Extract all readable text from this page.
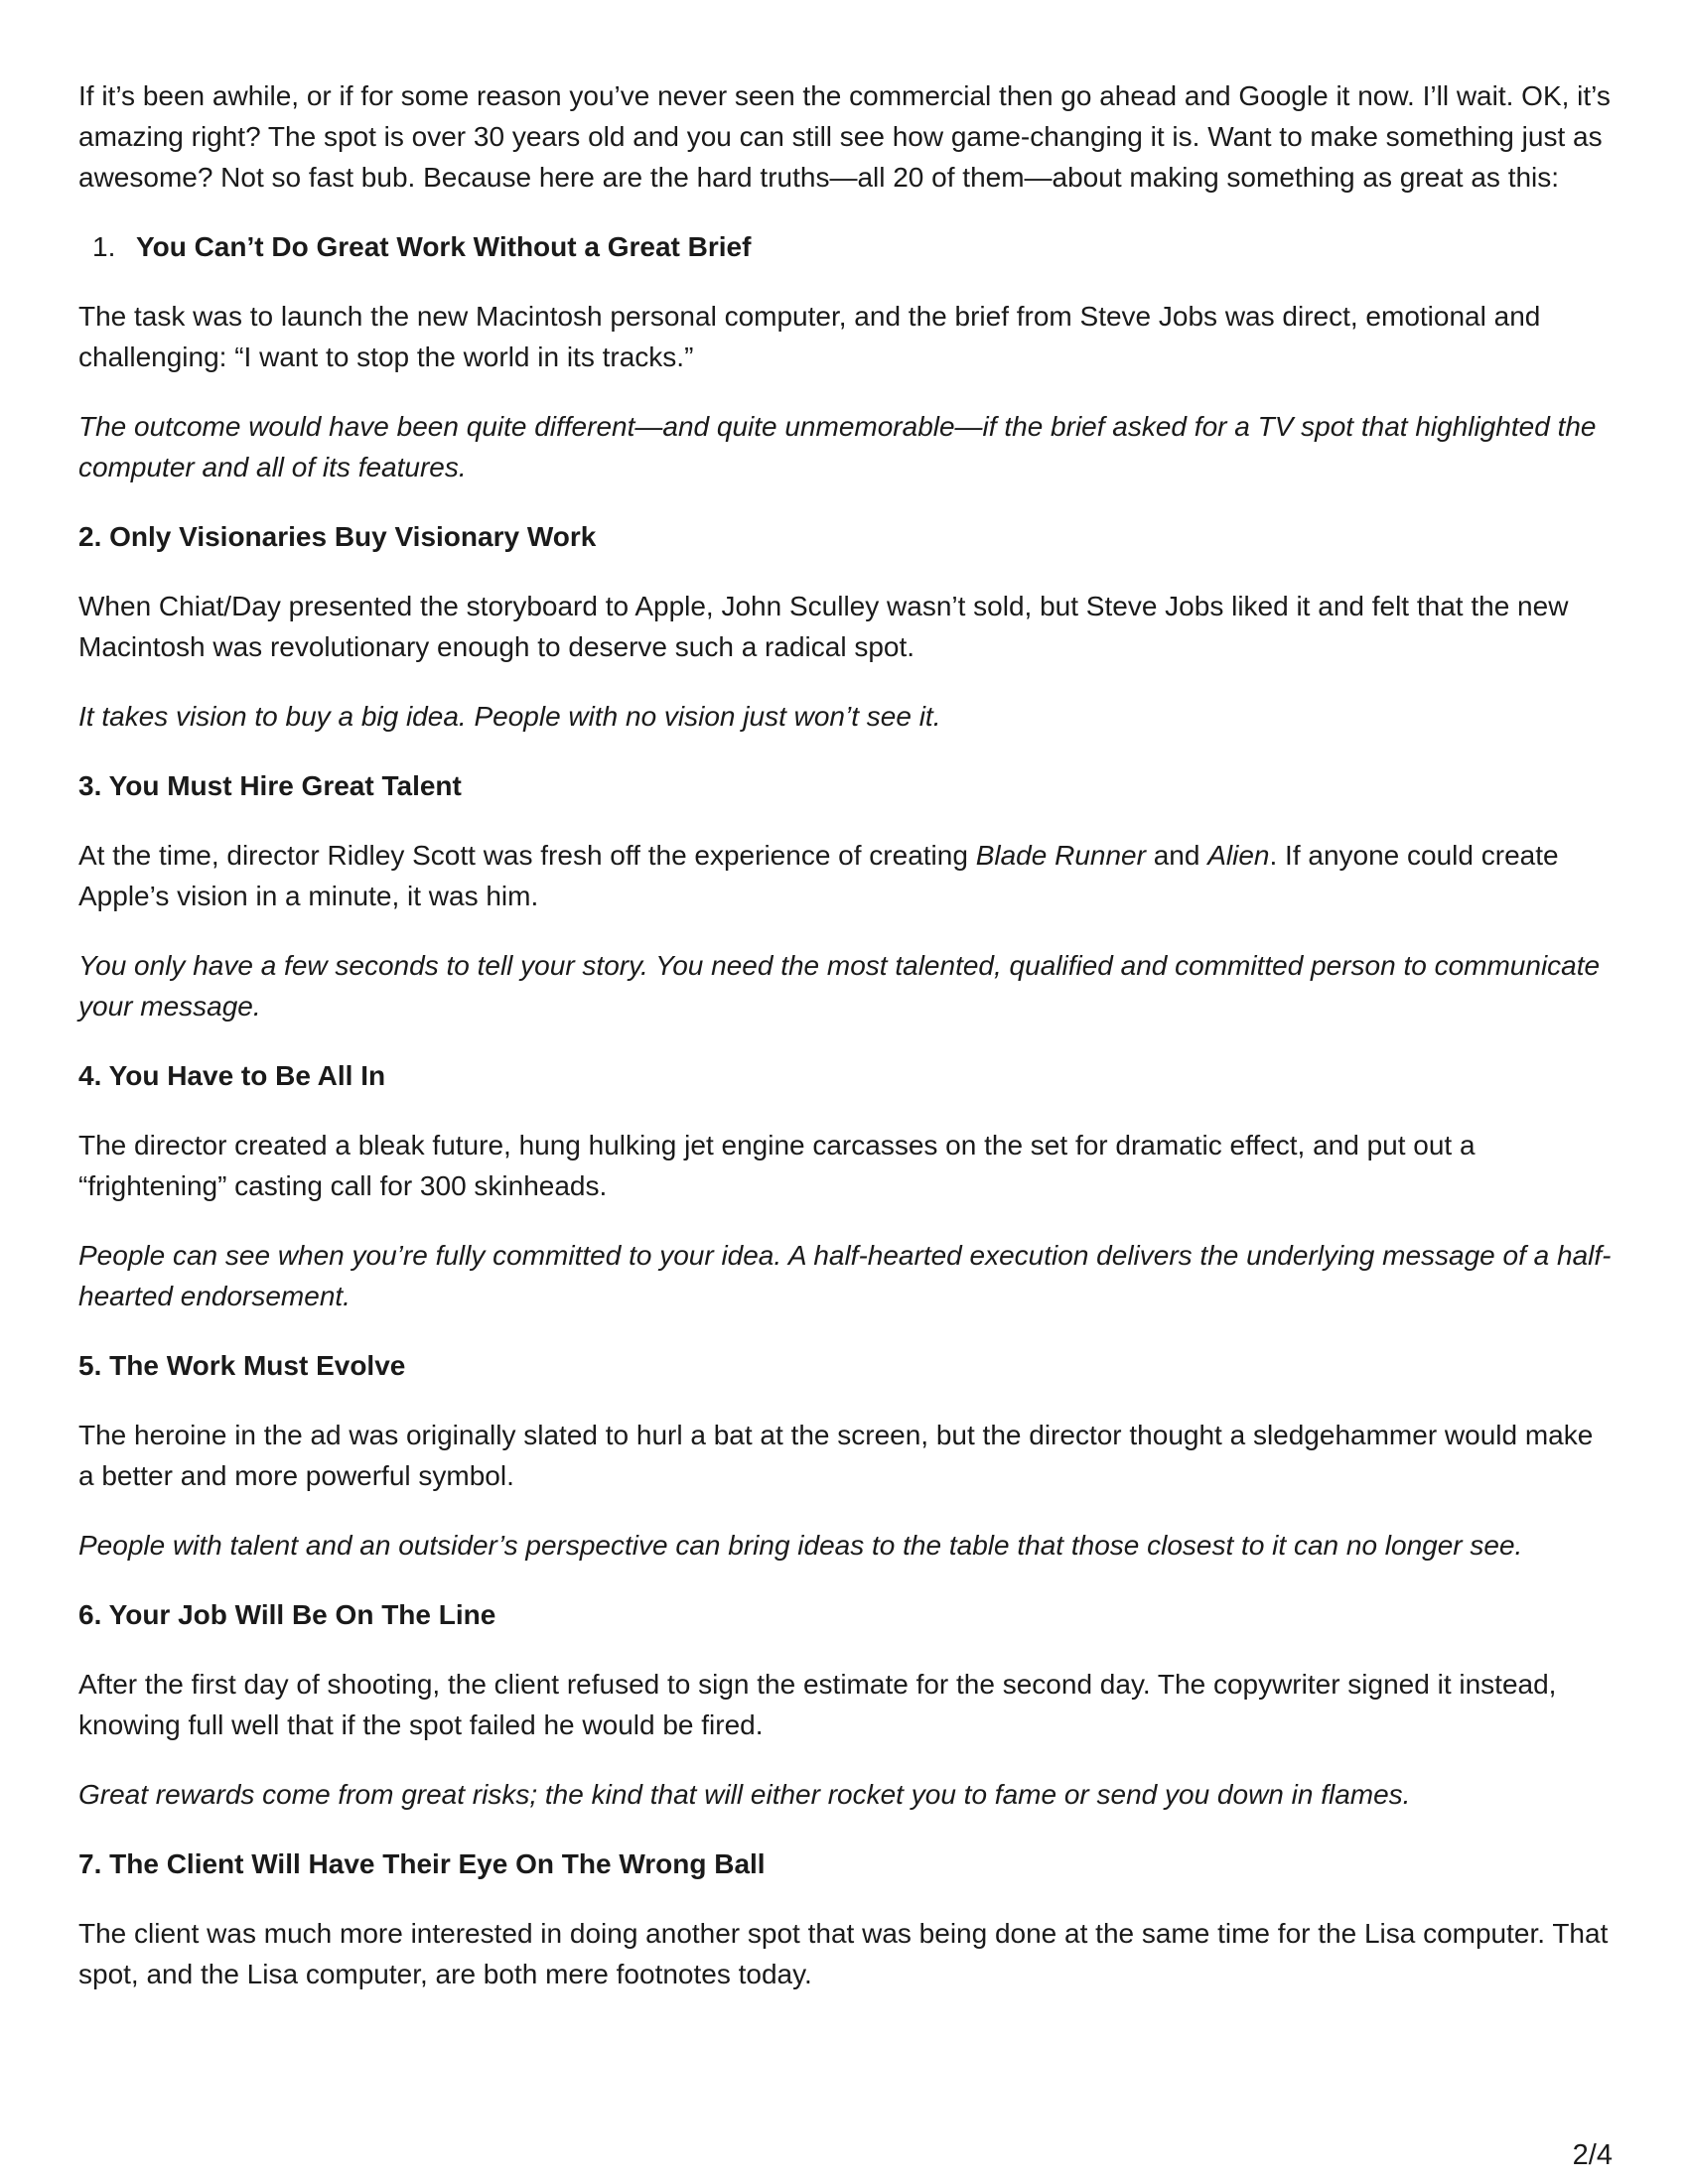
If it’s been awhile, or if for some reason you’ve never seen the commercial then go ahead and Google it now. I’ll wait. OK, it’s amazing right? The spot is over 30 years old and you can still see how game-changing it is. Want to make something just as awesome? Not so fast bub. Because here are the hard truths—all 20 of them—about making something as great as this:

1. You Can’t Do Great Work Without a Great Brief

The task was to launch the new Macintosh personal computer, and the brief from Steve Jobs was direct, emotional and challenging: “I want to stop the world in its tracks.”

The outcome would have been quite different—and quite unmemorable—if the brief asked for a TV spot that highlighted the computer and all of its features.

2. Only Visionaries Buy Visionary Work

When Chiat/Day presented the storyboard to Apple, John Sculley wasn’t sold, but Steve Jobs liked it and felt that the new Macintosh was revolutionary enough to deserve such a radical spot.

It takes vision to buy a big idea. People with no vision just won’t see it.

3. You Must Hire Great Talent

At the time, director Ridley Scott was fresh off the experience of creating Blade Runner and Alien. If anyone could create Apple’s vision in a minute, it was him.

You only have a few seconds to tell your story. You need the most talented, qualified and committed person to communicate your message.

4. You Have to Be All In

The director created a bleak future, hung hulking jet engine carcasses on the set for dramatic effect, and put out a “frightening” casting call for 300 skinheads.

People can see when you’re fully committed to your idea. A half-hearted execution delivers the underlying message of a half-hearted endorsement.

5. The Work Must Evolve

The heroine in the ad was originally slated to hurl a bat at the screen, but the director thought a sledgehammer would make a better and more powerful symbol.

People with talent and an outsider’s perspective can bring ideas to the table that those closest to it can no longer see.

6. Your Job Will Be On The Line

After the first day of shooting, the client refused to sign the estimate for the second day. The copywriter signed it instead, knowing full well that if the spot failed he would be fired.

Great rewards come from great risks; the kind that will either rocket you to fame or send you down in flames.

7. The Client Will Have Their Eye On The Wrong Ball

The client was much more interested in doing another spot that was being done at the same time for the Lisa computer. That spot, and the Lisa computer, are both mere footnotes today.

2/4
